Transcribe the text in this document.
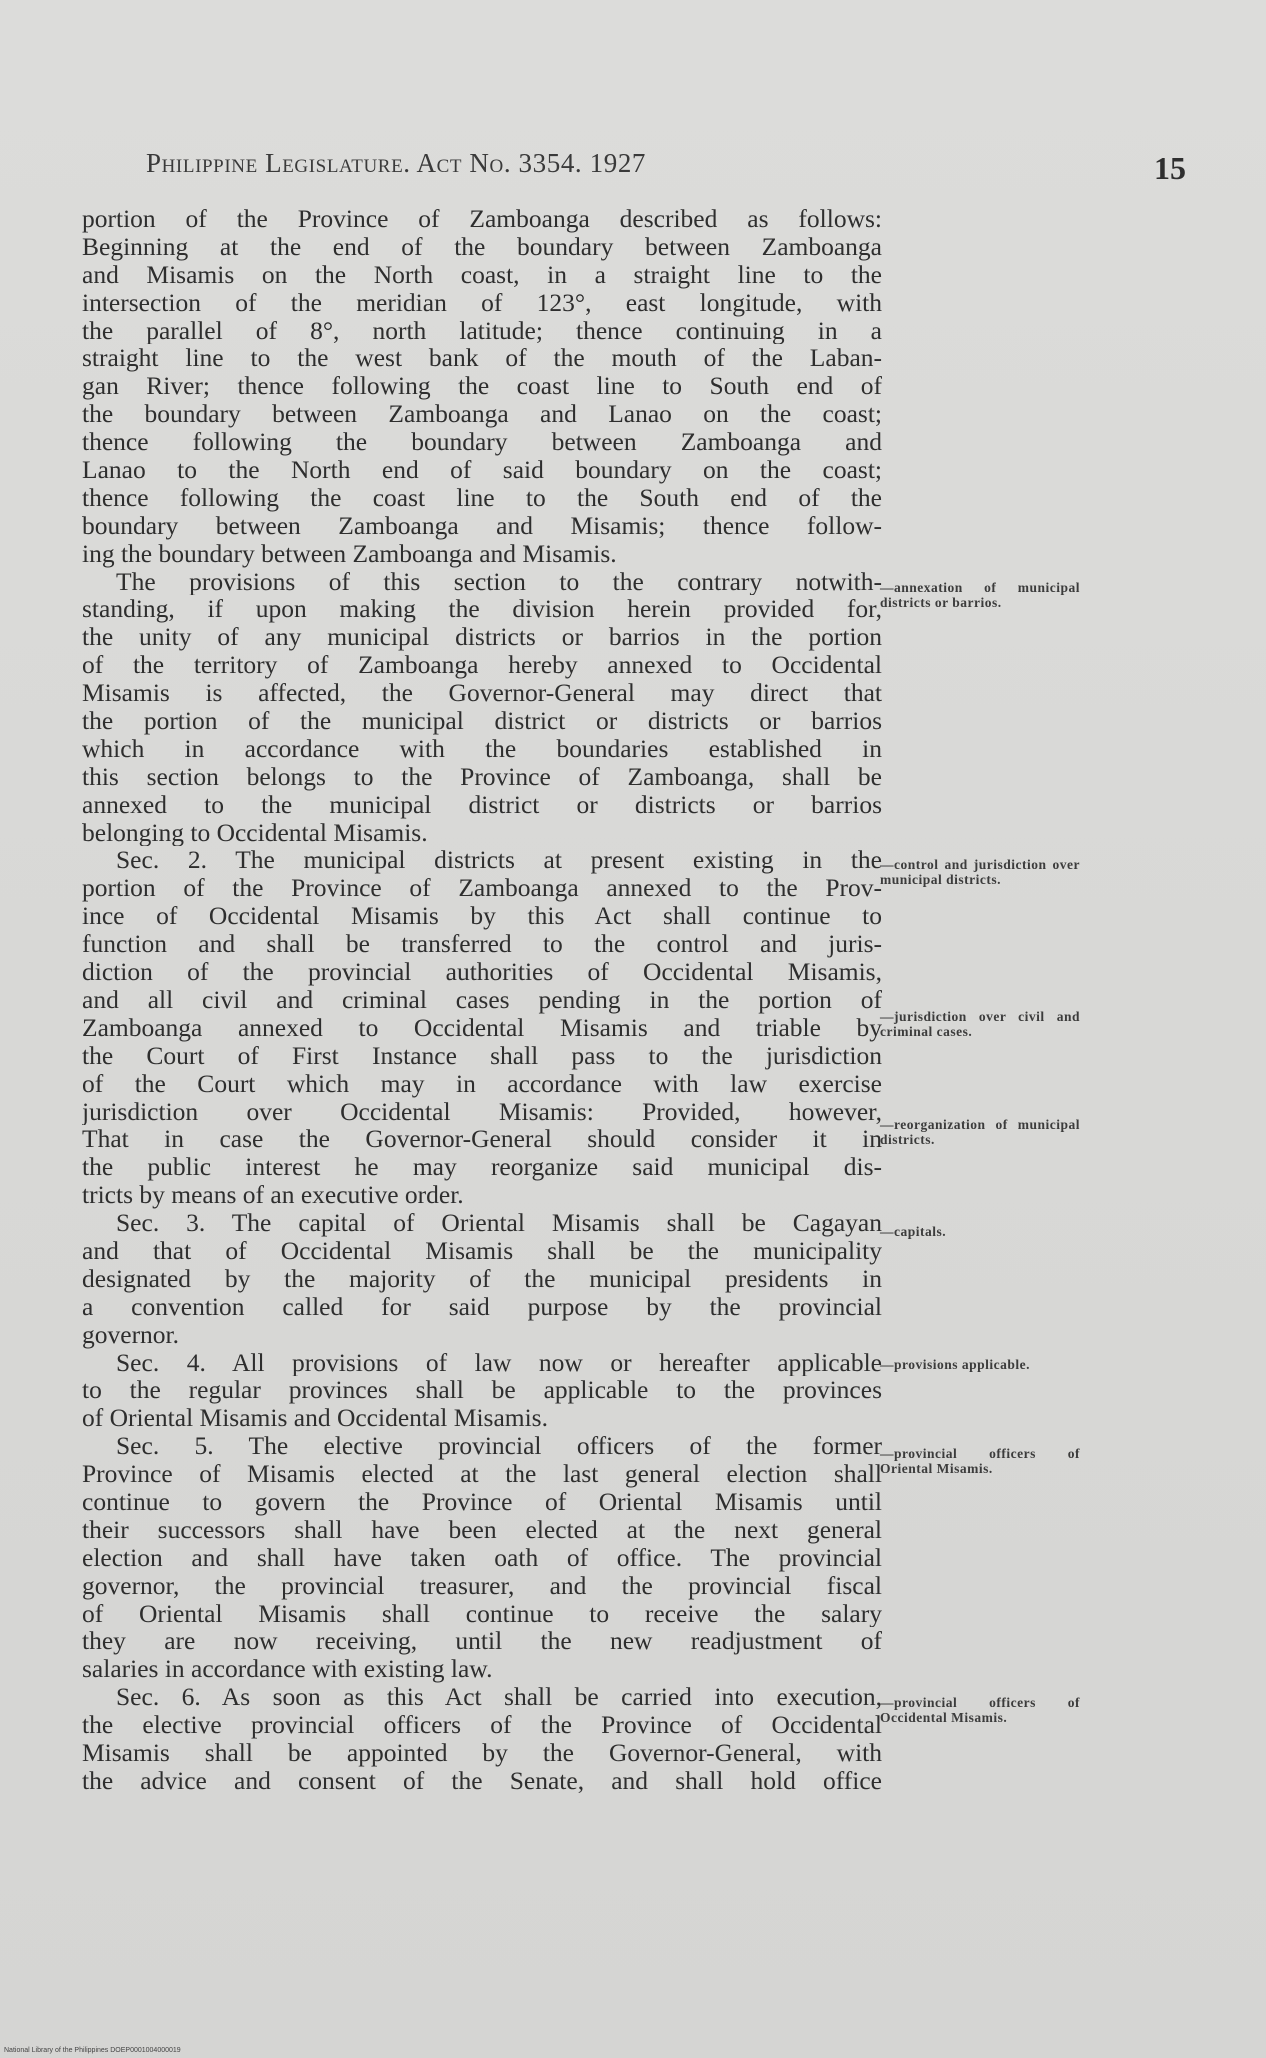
Philippine Legislature. Act No. 3354. 1927	15
portion of the Province of Zamboanga described as follows:
Beginning at the end of the boundary between Zamboanga
and Misamis on the North coast, in a straight line to the
intersection of the meridian of 123°, east longitude, with
the parallel of 8°, north latitude; thence continuing in a
straight line to the west bank of the mouth of the Laban-
gan River; thence following the coast line to South end of
the boundary between Zamboanga and Lanao on the coast;
thence following the boundary between Zamboanga and
Lanao to the North end of said boundary on the coast;
thence following the coast line to the South end of the
boundary between Zamboanga and Misamis; thence follow-
ing the boundary between Zamboanga and Misamis.
The provisions of this section to the contrary notwith-
standing, if upon making the division herein provided for,
the unity of any municipal districts or barrios in the portion
of the territory of Zamboanga hereby annexed to Occidental
Misamis is affected, the Governor-General may direct that
the portion of the municipal district or districts or barrios
which in accordance with the boundaries established in
this section belongs to the Province of Zamboanga, shall be
annexed to the municipal district or districts or barrios
belonging to Occidental Misamis.
Sec. 2. The municipal districts at present existing in the
portion of the Province of Zamboanga annexed to the Prov-
ince of Occidental Misamis by this Act shall continue to
function and shall be transferred to the control and juris-
diction of the provincial authorities of Occidental Misamis,
and all civil and criminal cases pending in the portion of
Zamboanga annexed to Occidental Misamis and triable by
the Court of First Instance shall pass to the jurisdiction
of the Court which may in accordance with law exercise
jurisdiction over Occidental Misamis: Provided, however,
That in case the Governor-General should consider it in
the public interest he may reorganize said municipal dis-
tricts by means of an executive order.
Sec. 3. The capital of Oriental Misamis shall be Cagayan
and that of Occidental Misamis shall be the municipality
designated by the majority of the municipal presidents in
a convention called for said purpose by the provincial
governor.
Sec. 4. All provisions of law now or hereafter applicable
to the regular provinces shall be applicable to the provinces
of Oriental Misamis and Occidental Misamis.
Sec. 5. The elective provincial officers of the former
Province of Misamis elected at the last general election shall
continue to govern the Province of Oriental Misamis until
their successors shall have been elected at the next general
election and shall have taken oath of office. The provincial
governor, the provincial treasurer, and the provincial fiscal
of Oriental Misamis shall continue to receive the salary
they are now receiving, until the new readjustment of
salaries in accordance with existing law.
Sec. 6. As soon as this Act shall be carried into execution,
the elective provincial officers of the Province of Occidental
Misamis shall be appointed by the Governor-General, with
the advice and consent of the Senate, and shall hold office
—annexation of municipal districts or barrios.
—control and jurisdiction over municipal districts.
—jurisdiction over civil and criminal cases.
—reorganization of municipal districts.
—capitals.
—provisions applicable.
—provincial officers of Oriental Misamis.
—provincial officers of Occidental Misamis.
National Library of the Philippines DOEP0001004000019
